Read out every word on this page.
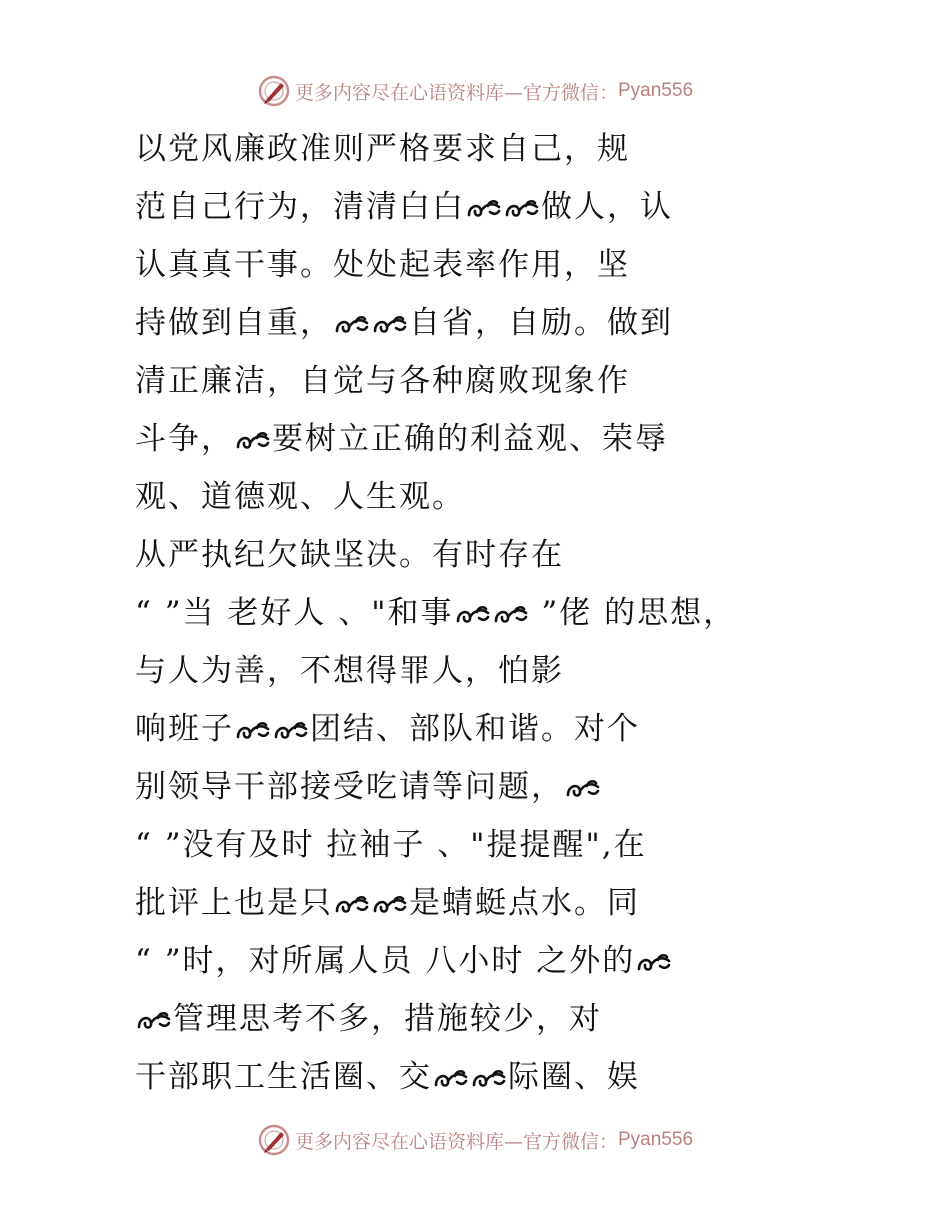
更多内容尽在心语资料库—官方微信： Pyan556
以党风廉政准则严格要求自己，规
范自己行为，清清白白 做人，认
认真真干事。处处起表率作用，坚
持做到自重， 自省，自励。做到
清正廉洁，自觉与各种腐败现象作
斗争， 要树立正确的利益观、荣辱
观、道德观、人生观。
从严执纪欠缺坚决。有时存在
“ ”当 老好人 、"和事 ”佬 的思想，
与人为善，不想得罪人，怕影
响班子 团结、部队和谐。对个
别领导干部接受吃请等问题，
“ ”没有及时 拉袖子 、"提提醒",在
批评上也是只 是蜻蜓点水。同
“ ”时，对所属人员 八小时 之外的
管理思考不多，措施较少，对
干部职工生活圈、交 际圈、娱
更多内容尽在心语资料库—官方微信： Pyan556
